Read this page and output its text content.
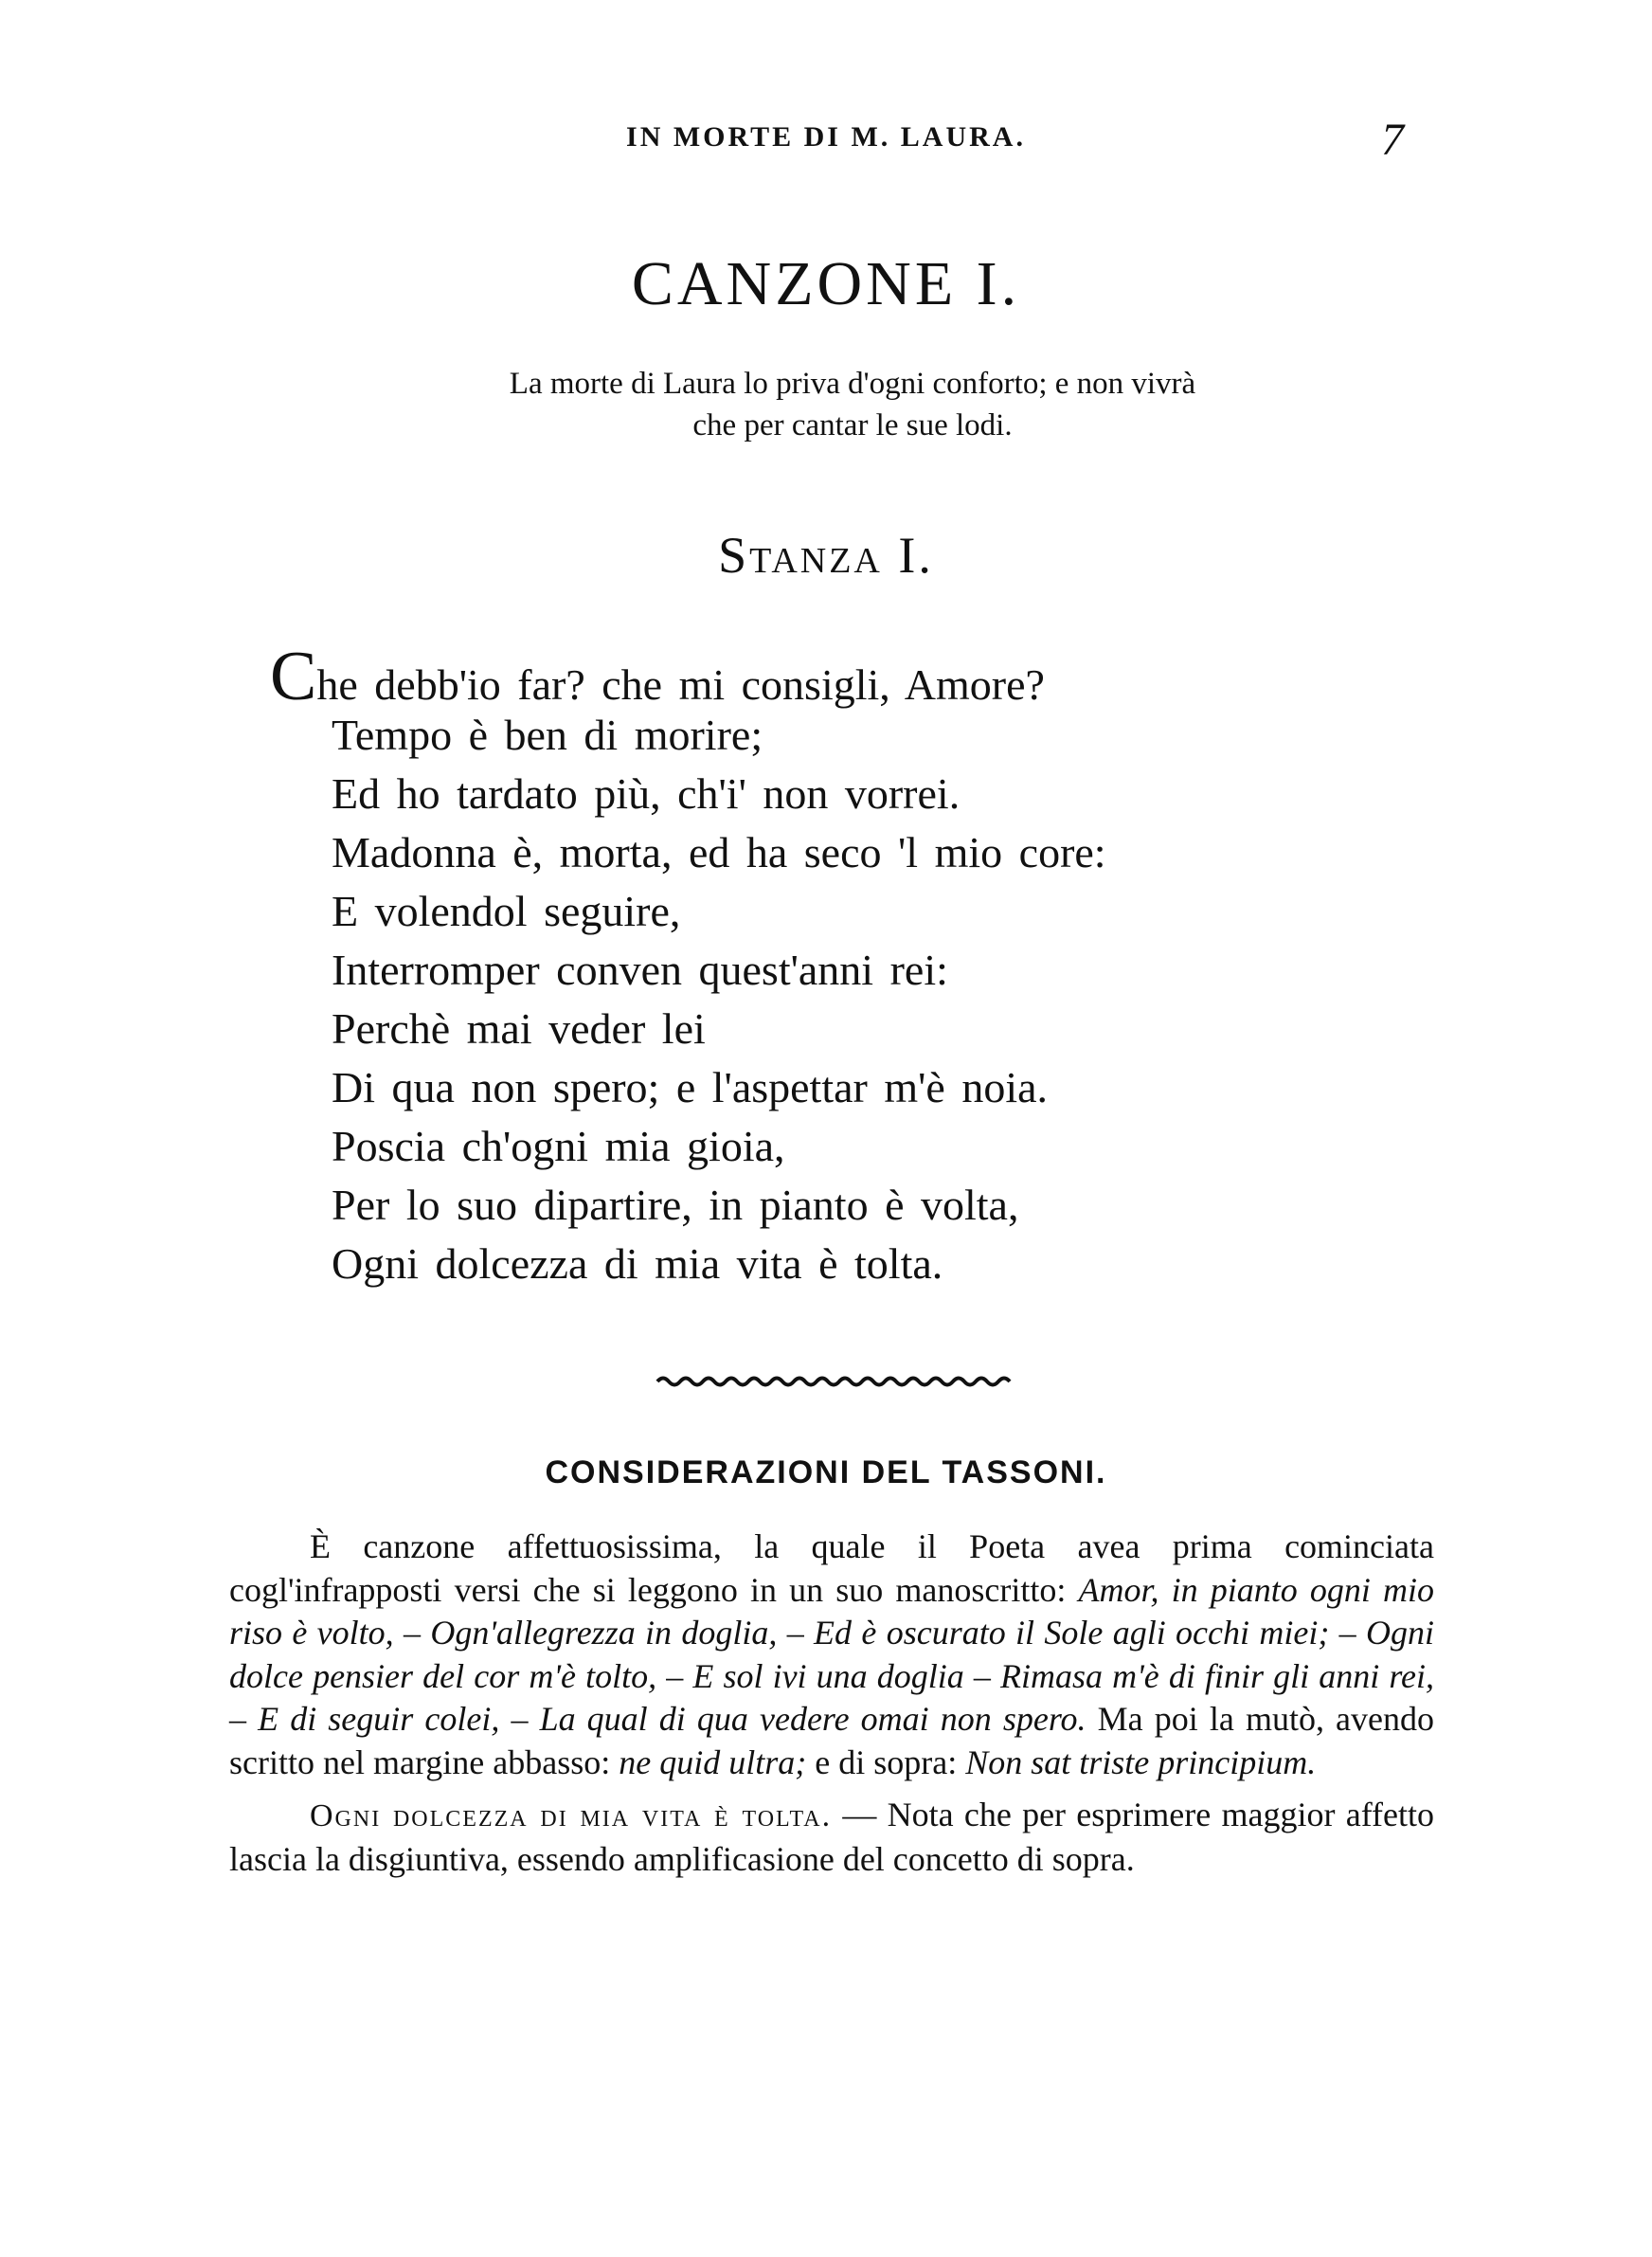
IN MORTE DI M. LAURA.	7
CANZONE I.
La morte di Laura lo priva d'ogni conforto; e non vivrà
che per cantar le sue lodi.
Stanza I.
Che debb'io far? che mi consigli, Amore?
Tempo è ben di morire;
Ed ho tardato più, ch'i' non vorrei.
Madonna è, morta, ed ha seco 'l mio core:
E volendol seguire,
Interromper conven quest'anni rei:
Perchè mai veder lei
Di qua non spero; e l'aspettar m'è noia.
Poscia ch'ogni mia gioia,
Per lo suo dipartire, in pianto è volta,
Ogni dolcezza di mia vita è tolta.
CONSIDERAZIONI DEL TASSONI.

È canzone affettuosissima, la quale il Poeta avea prima cominciata cogl'infrapposti versi che si leggono in un suo manoscritto: Amor, in pianto ogni mio riso è volto, – Ogn'allegrezza in doglia, – Ed è oscurato il Sole agli occhi miei; – Ogni dolce pensier del cor m'è tolto, – E sol ivi una doglia – Rimasa m'è di finir gli anni rei, – E di seguir colei, – La qual di qua vedere omai non spero. Ma poi la mutò, avendo scritto nel margine abbasso: ne quid ultra; e di sopra: Non sat triste principium.

Ogni dolcezza di mia vita è tolta. — Nota che per esprimere maggior affetto lascia la disgiuntiva, essendo amplificasione del concetto di sopra.
